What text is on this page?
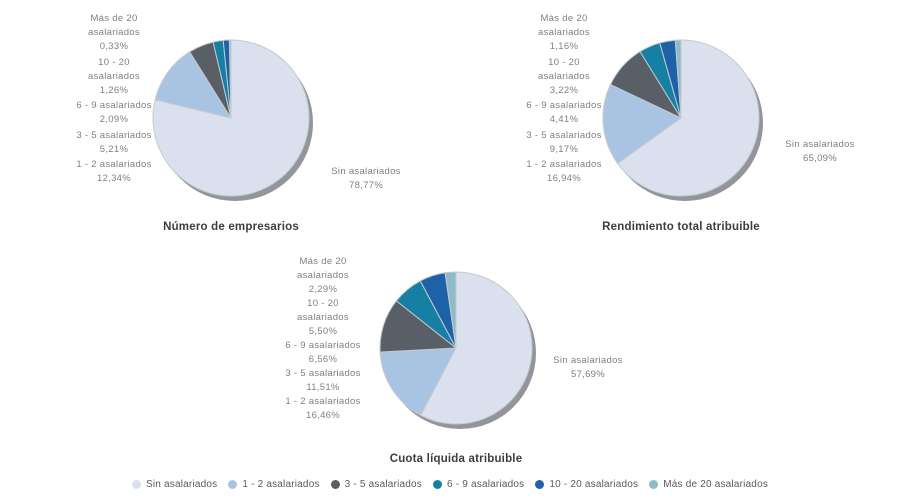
Número de empresarios
Más de 20
asalariados
0,33%
10 - 20
asalariados
1,26%
6 - 9 asalariados
2,09%
3 - 5 asalariados
5,21%
1 - 2 asalariados
12,34%
Sin asalariados
78,77%
Rendimiento total atribuible
Más de 20
asalariados
1,16%
10 - 20
asalariados
3,22%
6 - 9 asalariados
4,41%
3 - 5 asalariados
9,17%
1 - 2 asalariados
16,94%
Sin asalariados
65,09%
Cuota líquida atribuible
Más de 20
asalariados
2,29%
10 - 20
asalariados
5,50%
6 - 9 asalariados
6,56%
3 - 5 asalariados
11,51%
1 - 2 asalariados
16,46%
Sin asalariados
57,69%
Sin asalariados	1 - 2 asalariados	3 - 5 asalariados	6 - 9 asalariados	10 - 20 asalariados	Más de 20 asalariados
